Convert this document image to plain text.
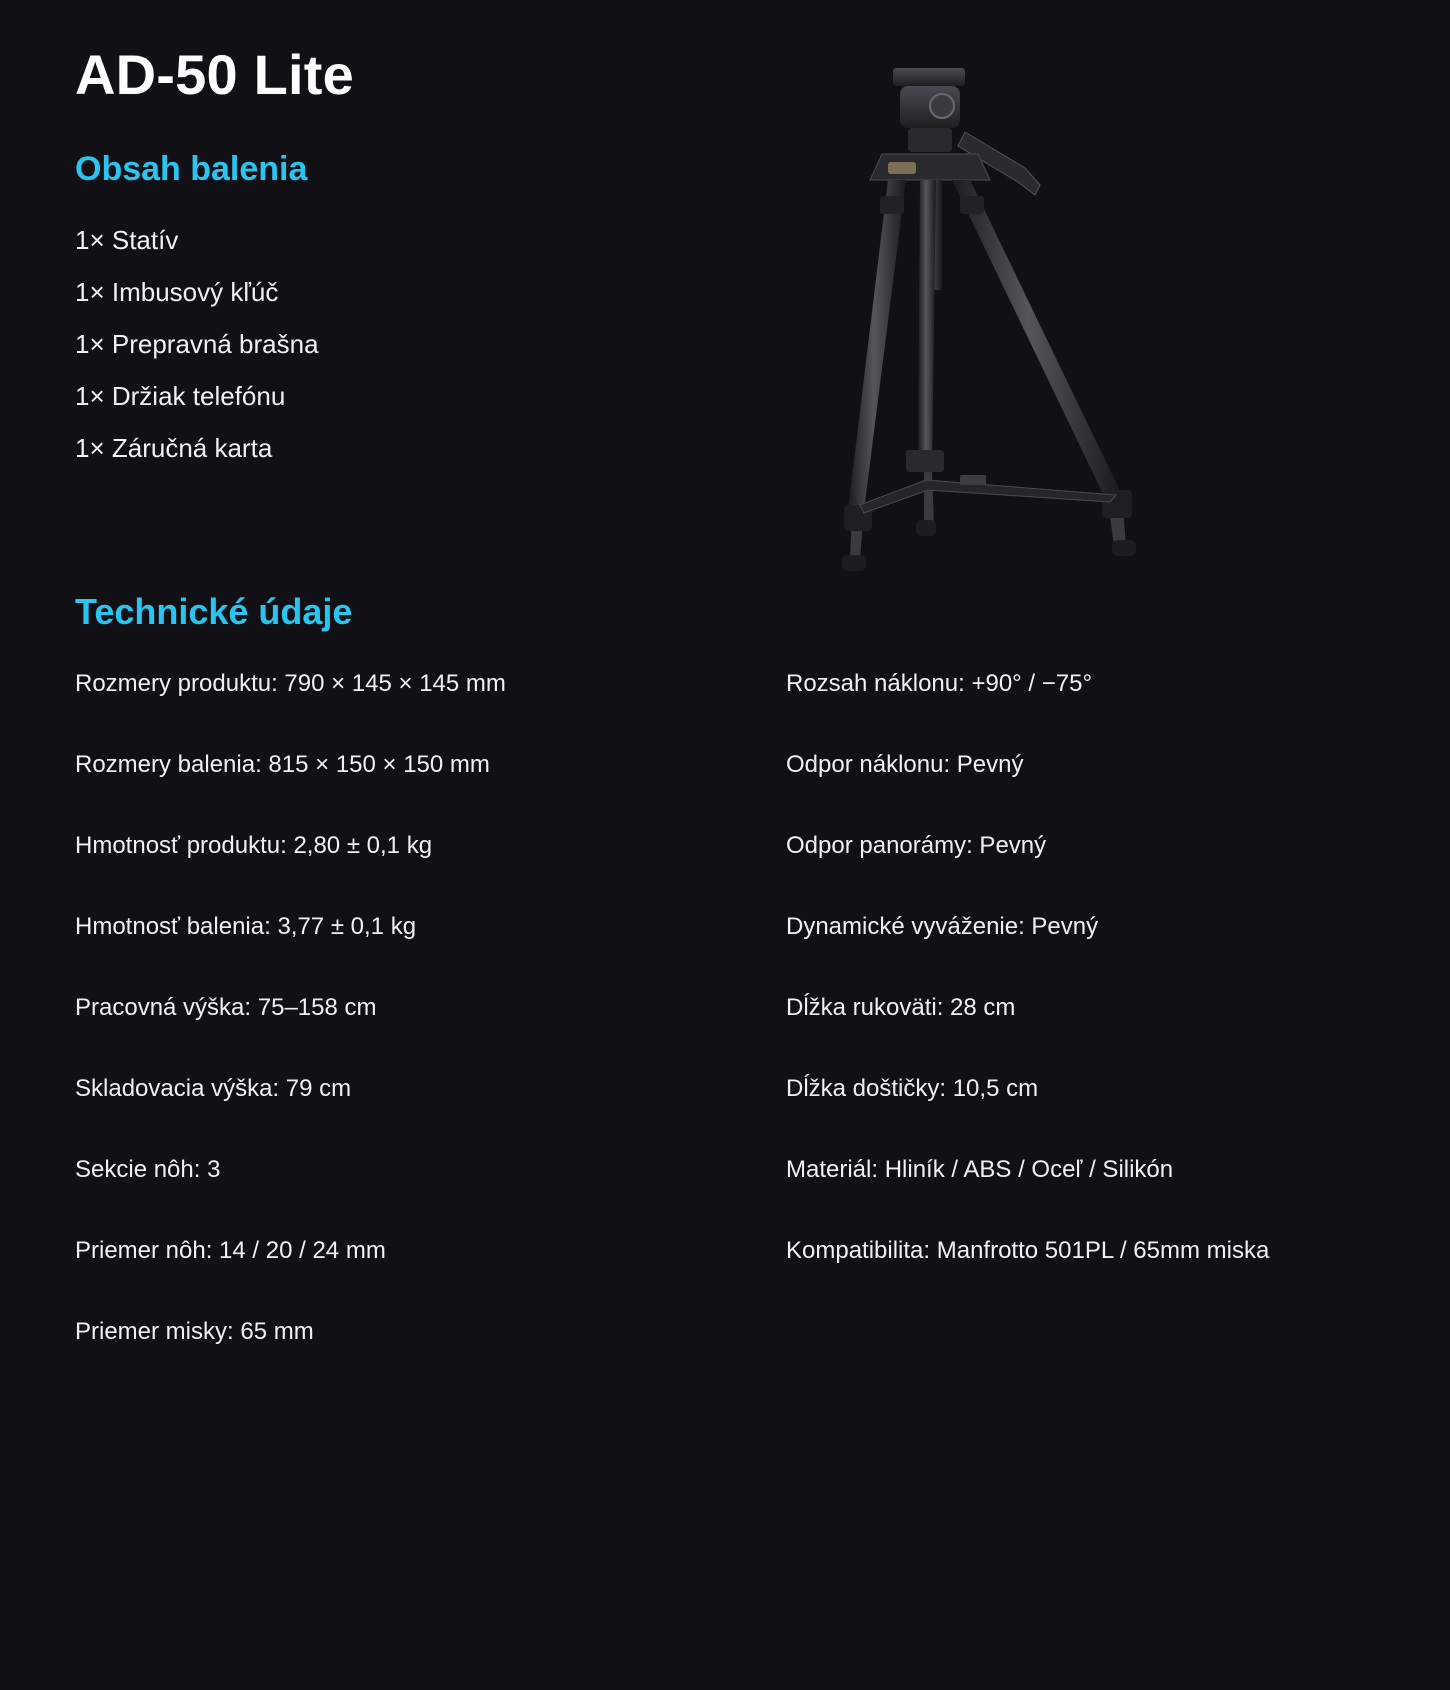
AD-50 Lite
Obsah balenia
1× Statív
1× Imbusový kľúč
1× Prepravná brašna
1× Držiak telefónu
1× Záručná karta
Technické údaje
Rozmery produktu: 790 × 145 × 145 mm
Rozmery balenia: 815 × 150 × 150 mm
Hmotnosť produktu: 2,80 ± 0,1 kg
Hmotnosť balenia: 3,77 ± 0,1 kg
Pracovná výška: 75–158 cm
Skladovacia výška: 79 cm
Sekcie nôh: 3
Priemer nôh: 14 / 20 / 24 mm
Priemer misky: 65 mm
Rozsah náklonu: +90° / −75°
Odpor náklonu: Pevný
Odpor panorámy: Pevný
Dynamické vyváženie: Pevný
Dĺžka rukoväti: 28 cm
Dĺžka doštičky: 10,5 cm
Materiál: Hliník / ABS / Oceľ / Silikón
Kompatibilita: Manfrotto 501PL / 65mm miska
